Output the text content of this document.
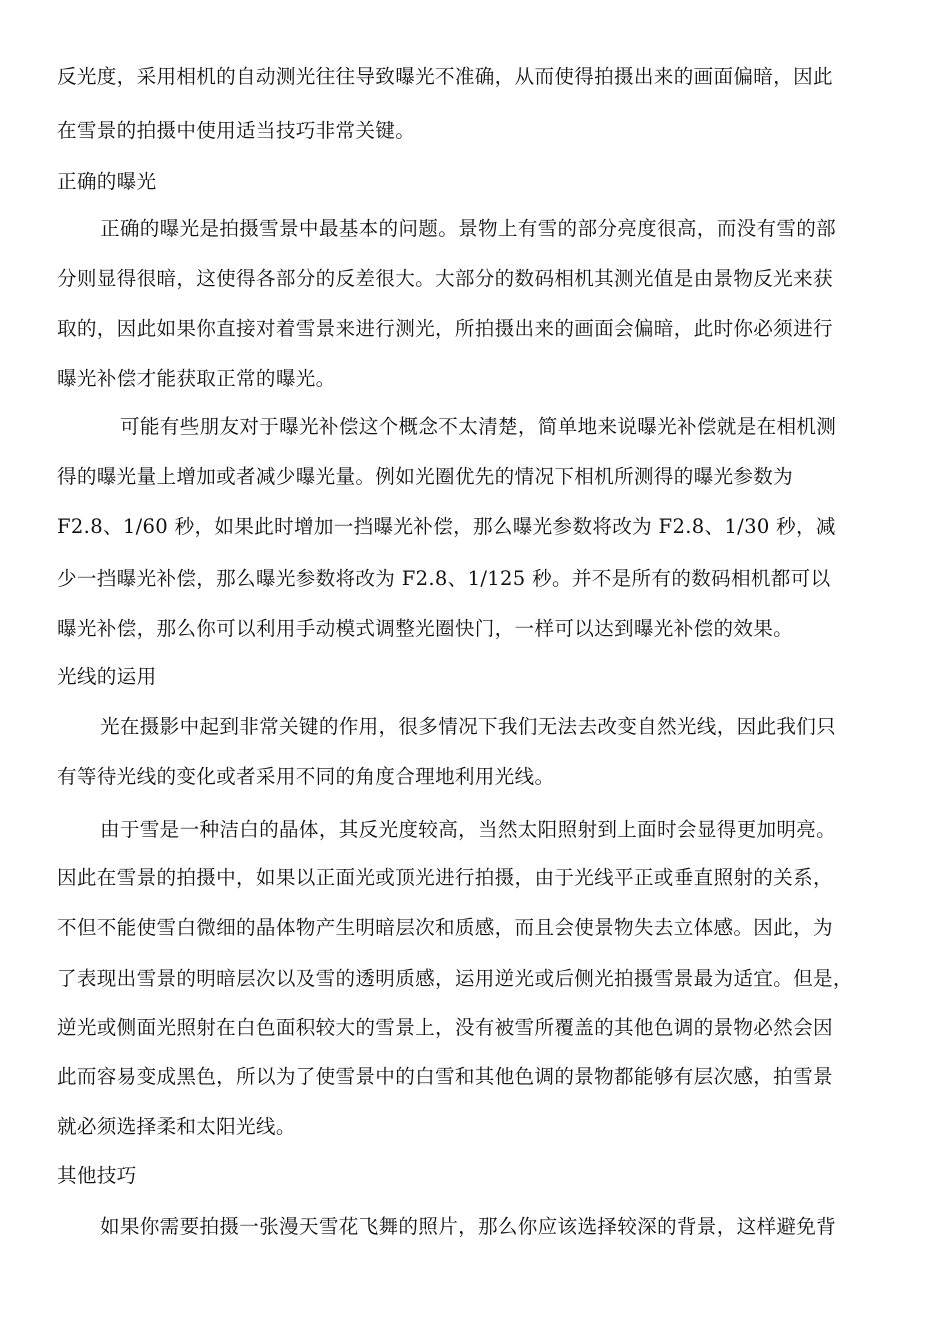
反光度，采用相机的自动测光往往导致曝光不准确，从而使得拍摄出来的画面偏暗，因此
在雪景的拍摄中使用适当技巧非常关键。
正确的曝光
正确的曝光是拍摄雪景中最基本的问题。景物上有雪的部分亮度很高，而没有雪的部
分则显得很暗，这使得各部分的反差很大。大部分的数码相机其测光值是由景物反光来获
取的，因此如果你直接对着雪景来进行测光，所拍摄出来的画面会偏暗，此时你必须进行
曝光补偿才能获取正常的曝光。
可能有些朋友对于曝光补偿这个概念不太清楚，简单地来说曝光补偿就是在相机测
得的曝光量上增加或者减少曝光量。例如光圈优先的情况下相机所测得的曝光参数为
F2.8、1/60 秒，如果此时增加一挡曝光补偿，那么曝光参数将改为 F2.8、1/30 秒，减
少一挡曝光补偿，那么曝光参数将改为 F2.8、1/125 秒。并不是所有的数码相机都可以
曝光补偿，那么你可以利用手动模式调整光圈快门，一样可以达到曝光补偿的效果。
光线的运用
光在摄影中起到非常关键的作用，很多情况下我们无法去改变自然光线，因此我们只
有等待光线的变化或者采用不同的角度合理地利用光线。
由于雪是一种洁白的晶体，其反光度较高，当然太阳照射到上面时会显得更加明亮。
因此在雪景的拍摄中，如果以正面光或顶光进行拍摄，由于光线平正或垂直照射的关系，
不但不能使雪白微细的晶体物产生明暗层次和质感，而且会使景物失去立体感。因此，为
了表现出雪景的明暗层次以及雪的透明质感，运用逆光或后侧光拍摄雪景最为适宜。但是，
逆光或侧面光照射在白色面积较大的雪景上，没有被雪所覆盖的其他色调的景物必然会因
此而容易变成黑色，所以为了使雪景中的白雪和其他色调的景物都能够有层次感，拍雪景
就必须选择柔和太阳光线。
其他技巧
如果你需要拍摄一张漫天雪花飞舞的照片，那么你应该选择较深的背景，这样避免背
